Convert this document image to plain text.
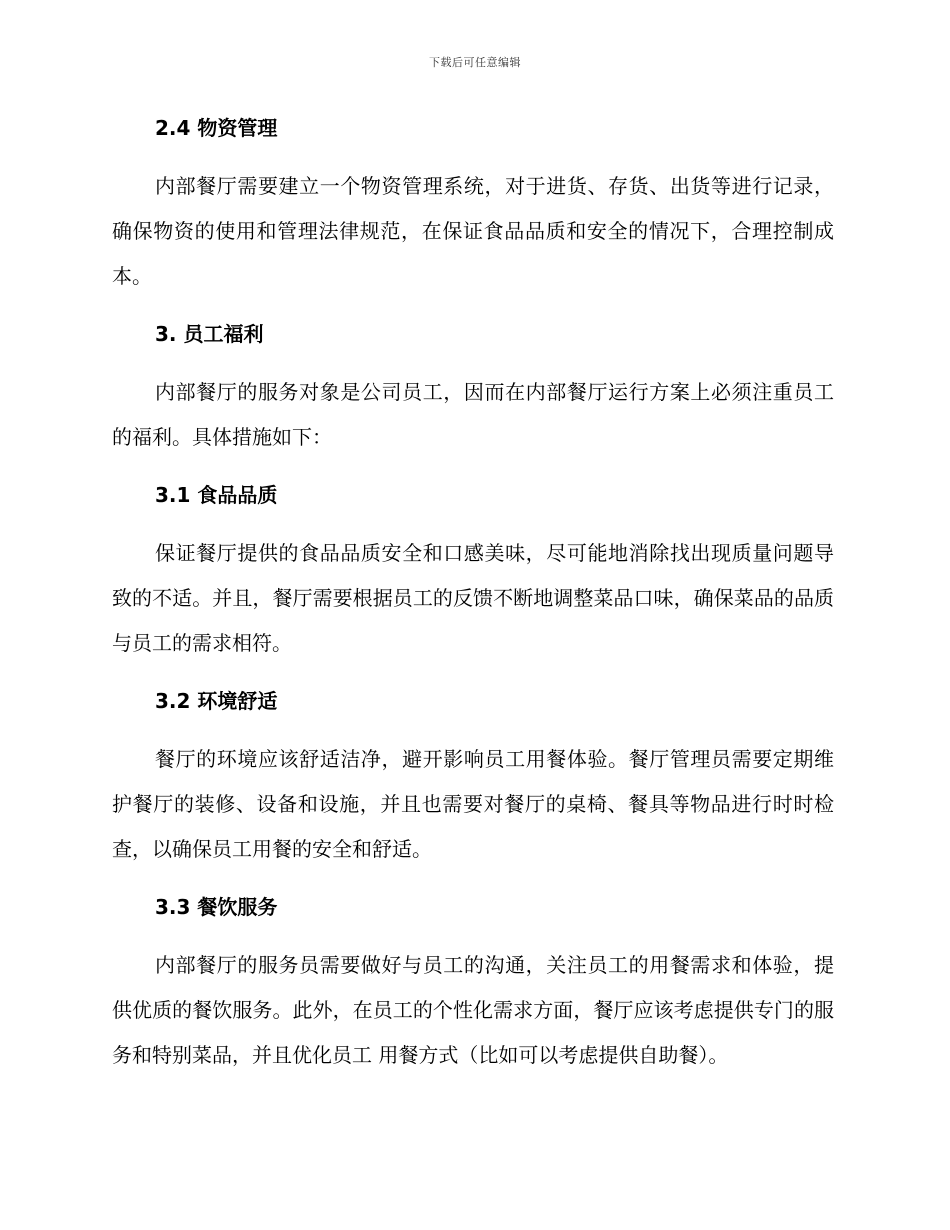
下载后可任意编辑
2.4 物资管理

内部餐厅需要建立一个物资管理系统，对于进货、存货、出货等进行记录，确保物资的使用和管理法律规范，在保证食品品质和安全的情况下，合理控制成本。

3. 员工福利

内部餐厅的服务对象是公司员工，因而在内部餐厅运行方案上必须注重员工的福利。具体措施如下：

3.1 食品品质

保证餐厅提供的食品品质安全和口感美味，尽可能地消除找出现质量问题导致的不适。并且，餐厅需要根据员工的反馈不断地调整菜品口味，确保菜品的品质与员工的需求相符。

3.2 环境舒适

餐厅的环境应该舒适洁净，避开影响员工用餐体验。餐厅管理员需要定期维护餐厅的装修、设备和设施，并且也需要对餐厅的桌椅、餐具等物品进行时时检查，以确保员工用餐的安全和舒适。

3.3 餐饮服务

内部餐厅的服务员需要做好与员工的沟通，关注员工的用餐需求和体验，提供优质的餐饮服务。此外，在员工的个性化需求方面，餐厅应该考虑提供专门的服务和特别菜品，并且优化员工 用餐方式（比如可以考虑提供自助餐）。
